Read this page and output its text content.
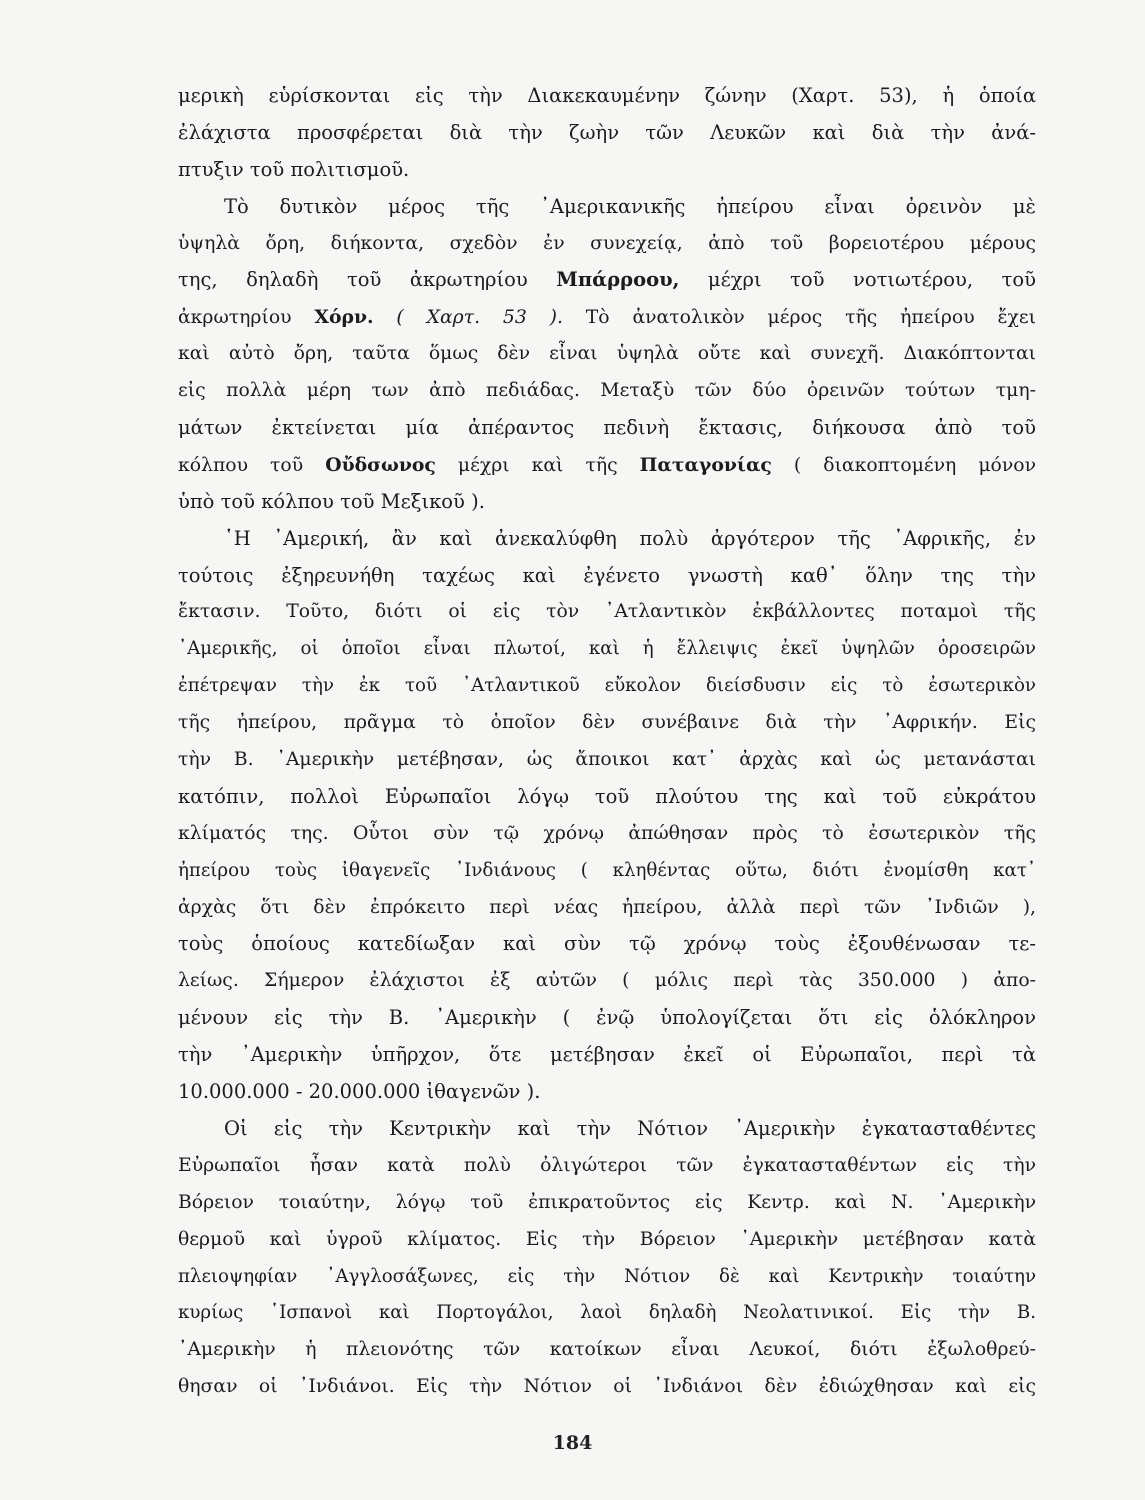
μερικὴ εὑρίσκονται εἰς τὴν Διακεκαυμένην ζώνην (Χαρτ. 53), ἡ ὁποία
ἐλάχιστα προσφέρεται διὰ τὴν ζωὴν τῶν Λευκῶν καὶ διὰ τὴν ἀνά-
πτυξιν τοῦ πολιτισμοῦ.
Τὸ δυτικὸν μέρος τῆς ᾿Αμερικανικῆς ἠπείρου εἶναι ὀρεινὸν μὲ
ὑψηλὰ ὄρη, διήκοντα, σχεδὸν ἐν συνεχείᾳ, ἀπὸ τοῦ βορειοτέρου μέρους
της, δηλαδὴ τοῦ ἀκρωτηρίου Μπάρροου, μέχρι τοῦ νοτιωτέρου, τοῦ
ἀκρωτηρίου Χόρν. ( Χαρτ. 53 ). Τὸ ἀνατολικὸν μέρος τῆς ἠπείρου ἔχει
καὶ αὐτὸ ὄρη, ταῦτα ὅμως δὲν εἶναι ὑψηλὰ οὔτε καὶ συνεχῆ. Διακόπτονται
εἰς πολλὰ μέρη των ἀπὸ πεδιάδας. Μεταξὺ τῶν δύο ὀρεινῶν τούτων τμη-
μάτων ἐκτείνεται μία ἀπέραντος πεδινὴ ἔκτασις, διήκουσα ἀπὸ τοῦ
κόλπου τοῦ Οὔδσωνος μέχρι καὶ τῆς Παταγονίας ( διακοπτομένη μόνον
ὑπὸ τοῦ κόλπου τοῦ Μεξικοῦ ).
῾Η ᾿Αμερική, ἂν καὶ ἀνεκαλύφθη πολὺ ἀργότερον τῆς ᾿Αφρικῆς, ἐν
τούτοις ἐξηρευνήθη ταχέως καὶ ἐγένετο γνωστὴ καθ᾿ ὅλην της τὴν
ἔκτασιν. Τοῦτο, διότι οἱ εἰς τὸν ᾿Ατλαντικὸν ἐκβάλλοντες ποταμοὶ τῆς
᾿Αμερικῆς, οἱ ὁποῖοι εἶναι πλωτοί, καὶ ἡ ἔλλειψις ἐκεῖ ὑψηλῶν ὀροσειρῶν
ἐπέτρεψαν τὴν ἐκ τοῦ ᾿Ατλαντικοῦ εὔκολον διείσδυσιν εἰς τὸ ἐσωτερικὸν
τῆς ἠπείρου, πρᾶγμα τὸ ὁποῖον δὲν συνέβαινε διὰ τὴν ᾿Αφρικήν. Εἰς
τὴν Β. ᾿Αμερικὴν μετέβησαν, ὡς ἄποικοι κατ᾿ ἀρχὰς καὶ ὡς μετανάσται
κατόπιν, πολλοὶ Εὐρωπαῖοι λόγῳ τοῦ πλούτου της καὶ τοῦ εὐκράτου
κλίματός της. Οὗτοι σὺν τῷ χρόνῳ ἀπώθησαν πρὸς τὸ ἐσωτερικὸν τῆς
ἠπείρου τοὺς ἰθαγενεῖς ᾿Ινδιάνους ( κληθέντας οὕτω, διότι ἐνομίσθη κατ᾿
ἀρχὰς ὅτι δὲν ἐπρόκειτο περὶ νέας ἠπείρου, ἀλλὰ περὶ τῶν ᾿Ινδιῶν ),
τοὺς ὁποίους κατεδίωξαν καὶ σὺν τῷ χρόνῳ τοὺς ἐξουθένωσαν τε-
λείως. Σήμερον ἐλάχιστοι ἐξ αὐτῶν ( μόλις περὶ τὰς 350.000 ) ἀπο-
μένουν εἰς τὴν Β. ᾿Αμερικὴν ( ἐνῷ ὑπολογίζεται ὅτι εἰς ὁλόκληρον
τὴν ᾿Αμερικὴν ὑπῆρχον, ὅτε μετέβησαν ἐκεῖ οἱ Εὐρωπαῖοι, περὶ τὰ
10.000.000 - 20.000.000 ἰθαγενῶν ).
Οἱ εἰς τὴν Κεντρικὴν καὶ τὴν Νότιον ᾿Αμερικὴν ἐγκατασταθέντες
Εὐρωπαῖοι ἦσαν κατὰ πολὺ ὀλιγώτεροι τῶν ἐγκατασταθέντων εἰς τὴν
Βόρειον τοιαύτην, λόγῳ τοῦ ἐπικρατοῦντος εἰς Κεντρ. καὶ Ν. ᾿Αμερικὴν
θερμοῦ καὶ ὑγροῦ κλίματος. Εἰς τὴν Βόρειον ᾿Αμερικὴν μετέβησαν κατὰ
πλειοψηφίαν ᾿Αγγλοσάξωνες, εἰς τὴν Νότιον δὲ καὶ Κεντρικὴν τοιαύτην
κυρίως ῾Ισπανοὶ καὶ Πορτογάλοι, λαοὶ δηλαδὴ Νεολατινικοί. Εἰς τὴν Β.
᾿Αμερικὴν ἡ πλειονότης τῶν κατοίκων εἶναι Λευκοί, διότι ἐξωλοθρεύ-
θησαν οἱ ᾿Ινδιάνοι. Εἰς τὴν Νότιον οἱ ᾿Ινδιάνοι δὲν ἐδιώχθησαν καὶ εἰς
184
